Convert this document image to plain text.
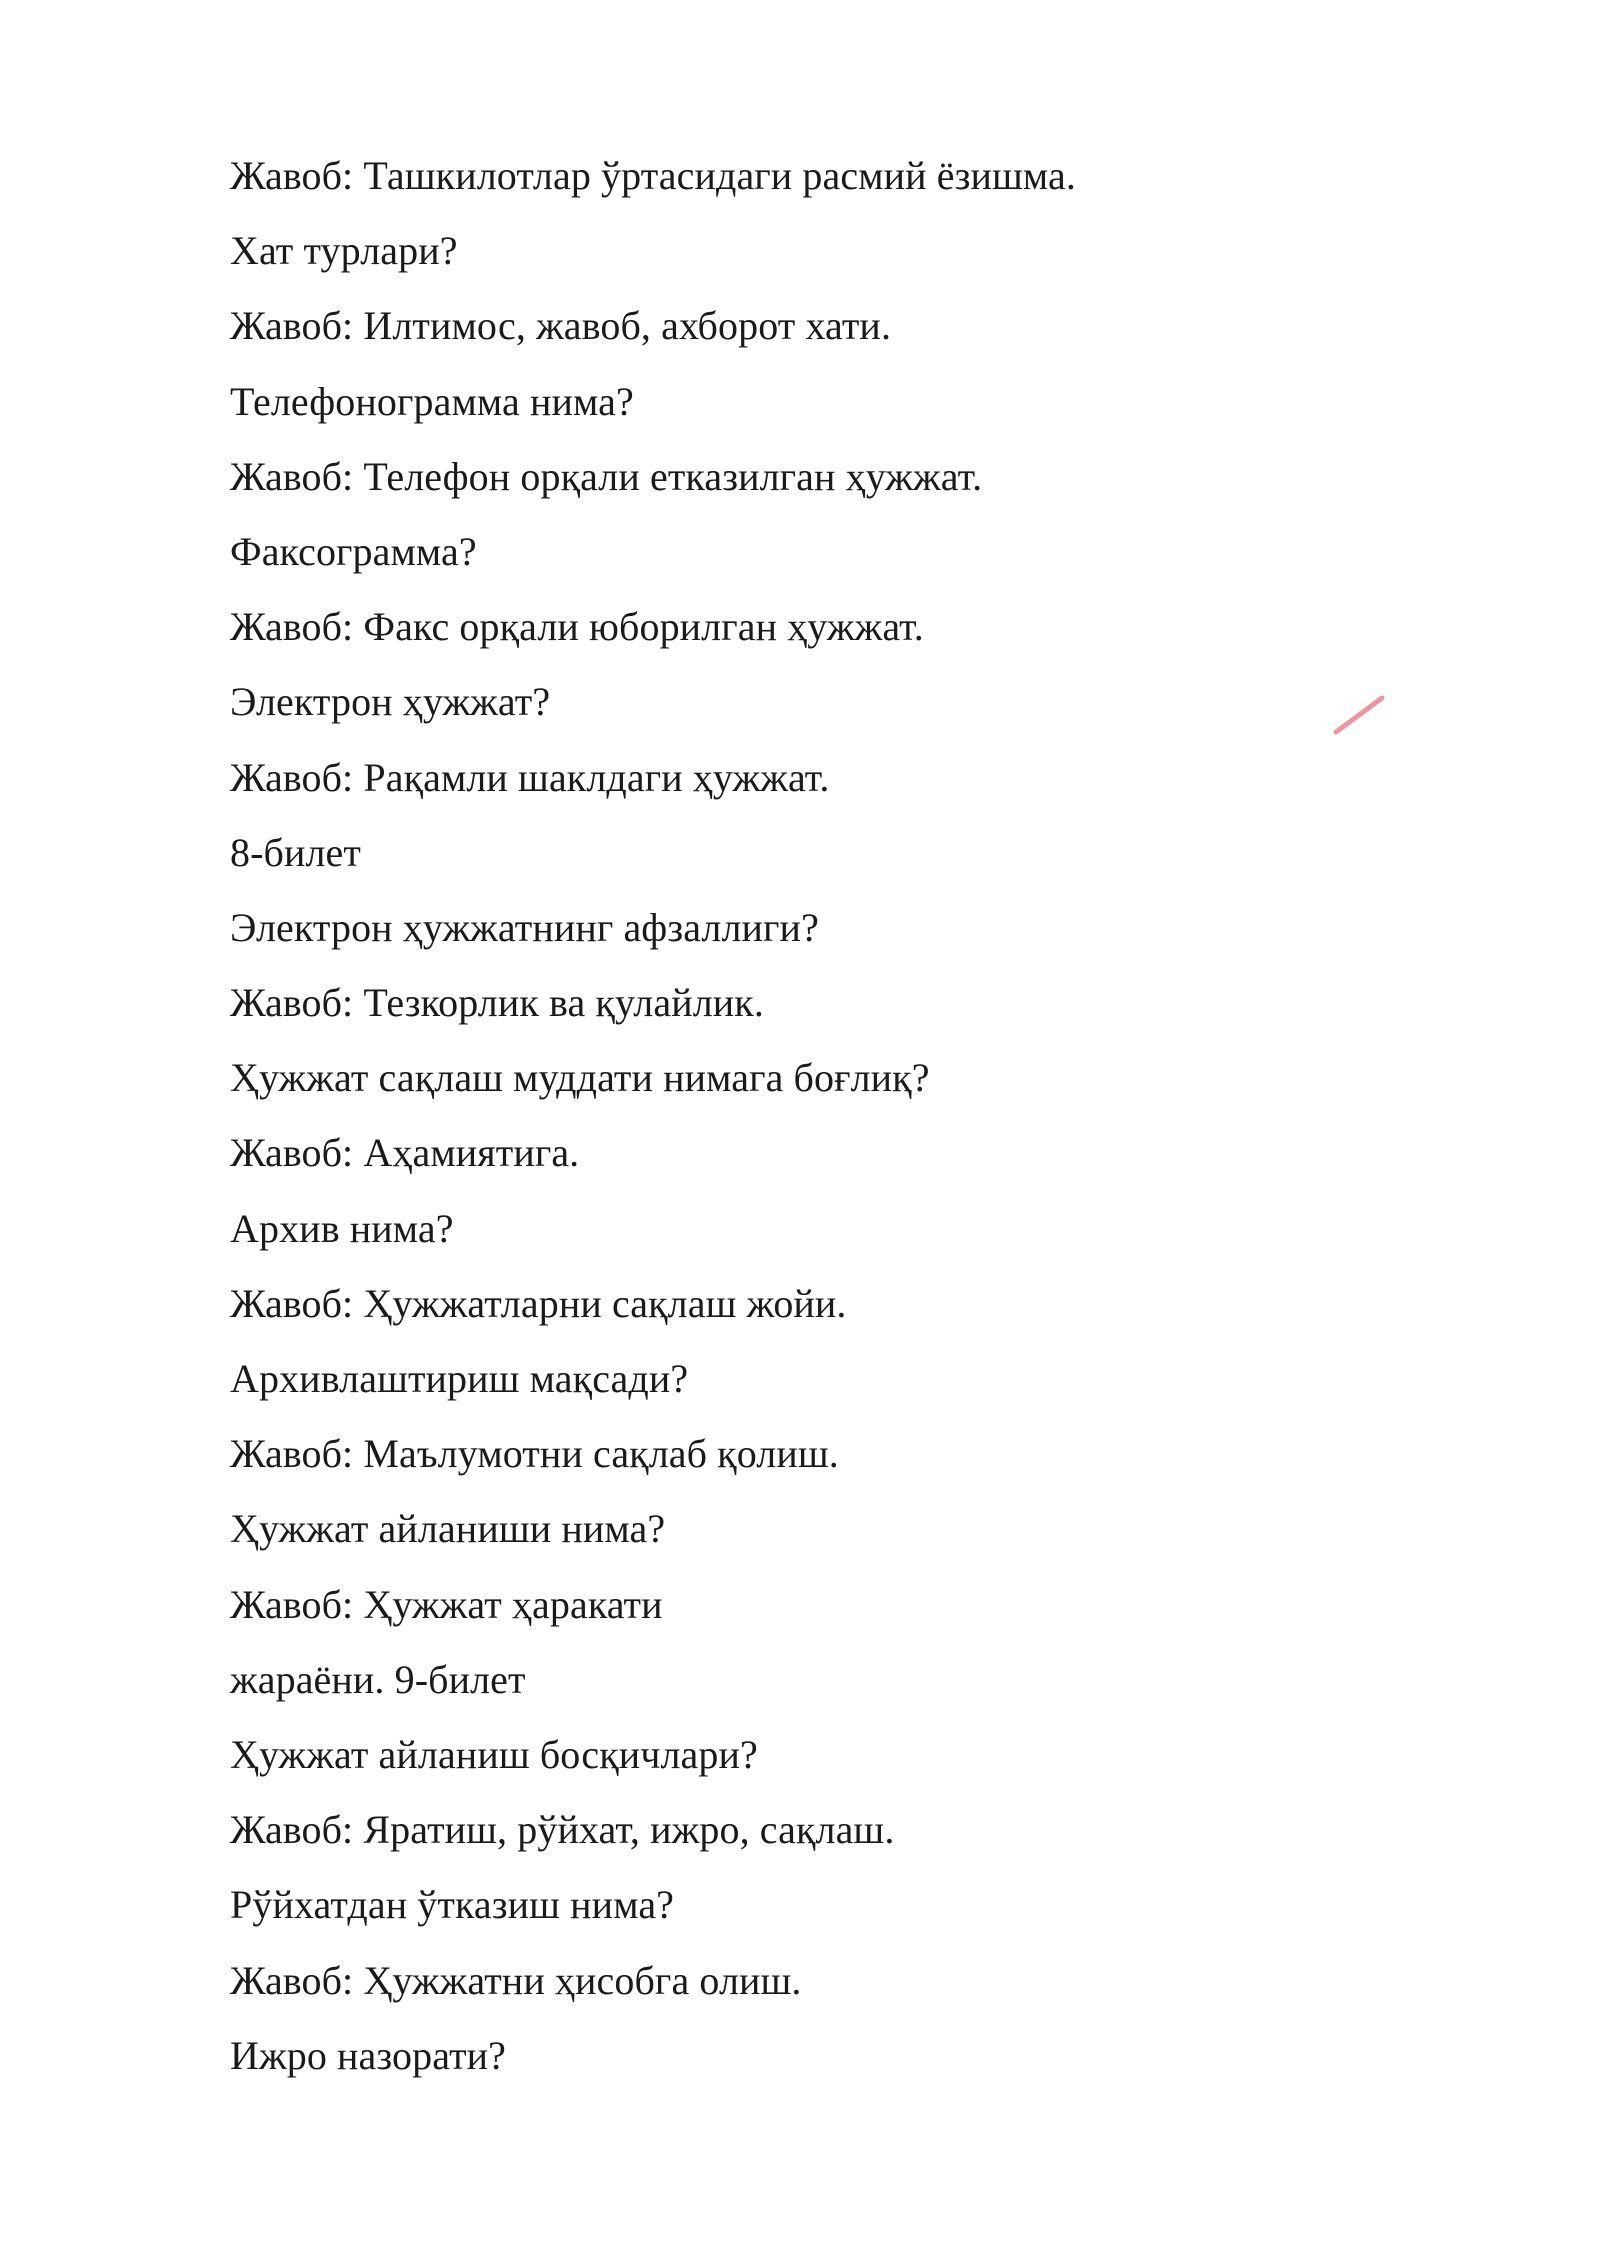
Жавоб: Ташкилотлар ўртасидаги расмий ёзишма.
Хат турлари?
Жавоб: Илтимос, жавоб, ахборот хати.
Телефонограмма нима?
Жавоб: Телефон орқали етказилган ҳужжат.
Факсограмма?
Жавоб: Факс орқали юборилган ҳужжат.
Электрон ҳужжат?
Жавоб: Рақамли шаклдаги ҳужжат.
8-билет
Электрон ҳужжатнинг афзаллиги?
Жавоб: Тезкорлик ва қулайлик.
Ҳужжат сақлаш муддати нимага боғлиқ?
Жавоб: Аҳамиятига.
Архив нима?
Жавоб: Ҳужжатларни сақлаш жойи.
Архивлаштириш мақсади?
Жавоб: Маълумотни сақлаб қолиш.
Ҳужжат айланиши нима?
Жавоб: Ҳужжат ҳаракати
жараёни. 9-билет
Ҳужжат айланиш босқичлари?
Жавоб: Яратиш, рўйхат, ижро, сақлаш.
Рўйхатдан ўтказиш нима?
Жавоб: Ҳужжатни ҳисобга олиш.
Ижро назорати?
